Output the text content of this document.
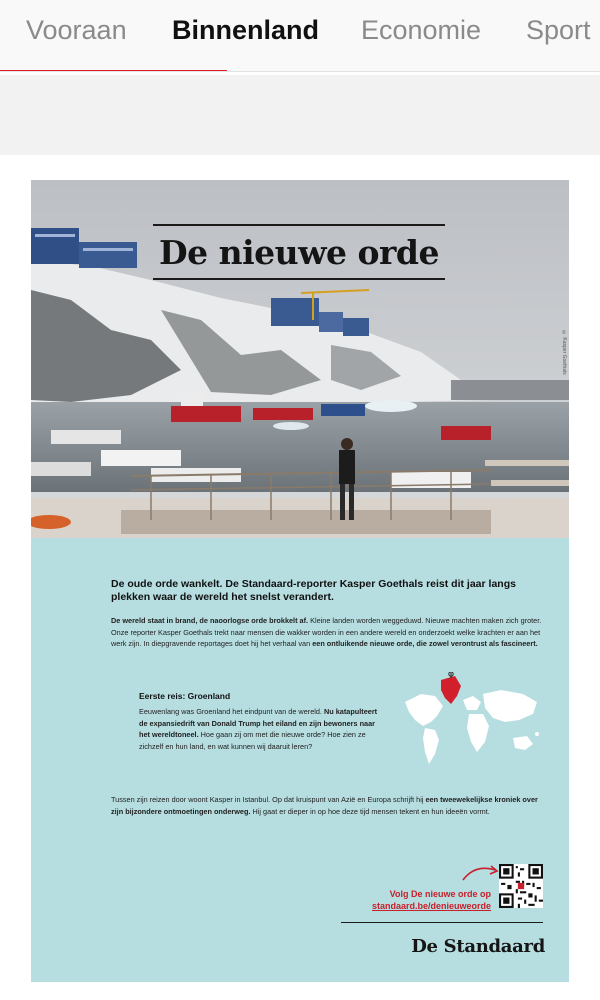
Vooraan Binnenland Economie Sport
De nieuwe orde
© Kasper Goethals
De oude orde wankelt. De Standaard-reporter Kasper Goethals reist dit jaar langs plekken waar de wereld het snelst verandert.
De wereld staat in brand, de naoorlogse orde brokkelt af. Kleine landen worden weggeduwd. Nieuwe machten maken zich groter. Onze reporter Kasper Goethals trekt naar mensen die wakker worden in een andere wereld en onderzoekt welke krachten er aan het werk zijn. In diepgravende reportages doet hij het verhaal van een ontluikende nieuwe orde, die zowel verontrust als fascineert.
Eerste reis: Groenland
Eeuwenlang was Groenland het eindpunt van de wereld. Nu katapulteert de expansiedrift van Donald Trump het eiland en zijn bewoners naar het wereldtoneel. Hoe gaan zij om met die nieuwe orde? Hoe zien ze zichzelf en hun land, en wat kunnen wij daaruit leren?
Tussen zijn reizen door woont Kasper in Istanbul. Op dat kruispunt van Azië en Europa schrijft hij een tweewekelijkse kroniek over zijn bijzondere ontmoetingen onderweg. Hij gaat er dieper in op hoe deze tijd mensen tekent en hun ideeën vormt.
Volg De nieuwe orde op
standaard.be/denieuweorde
De Standaard
